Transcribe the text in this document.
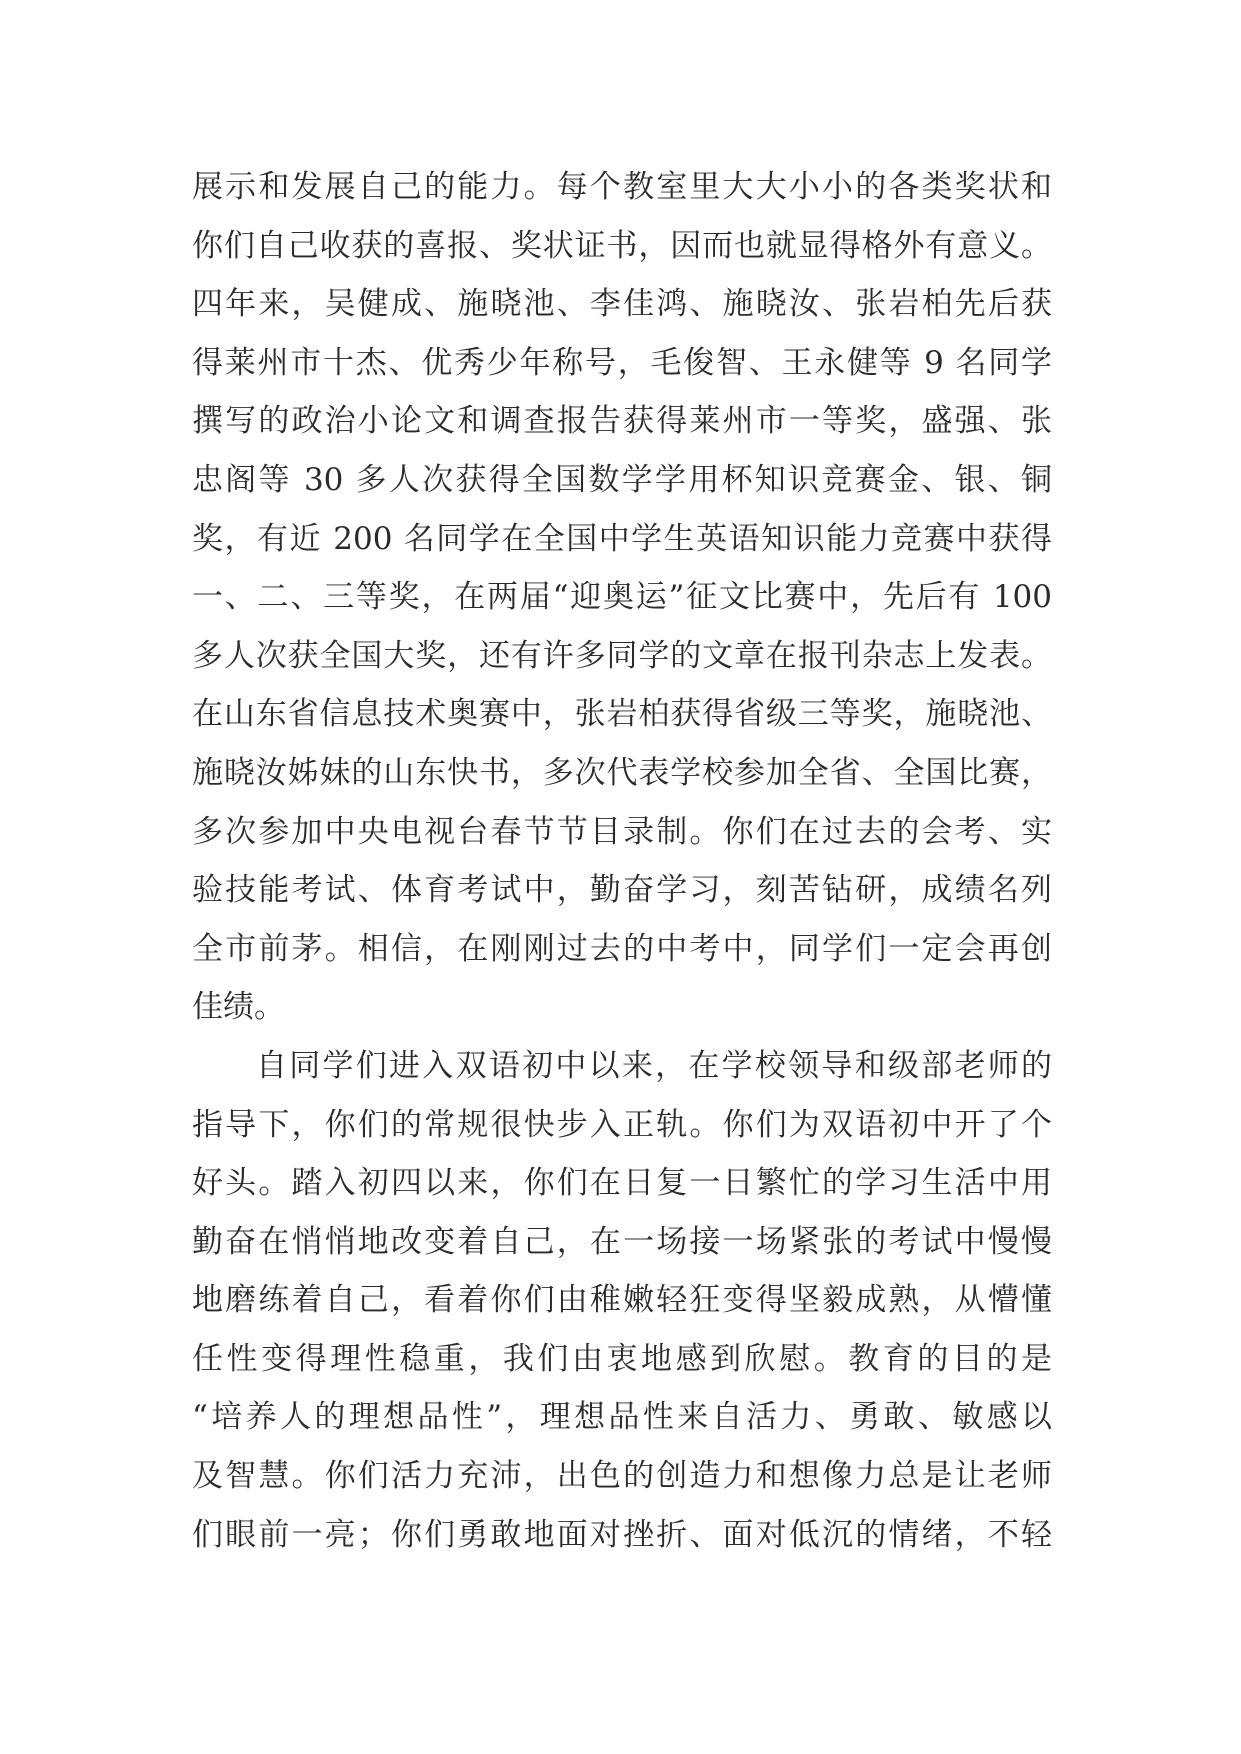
展示和发展自己的能力。每个教室里大大小小的各类奖状和
你们自己收获的喜报、奖状证书，因而也就显得格外有意义。
四年来，吴健成、施晓池、李佳鸿、施晓汝、张岩柏先后获
得莱州市十杰、优秀少年称号，毛俊智、王永健等 9 名同学
撰写的政治小论文和调查报告获得莱州市一等奖，盛强、张
忠阁等 30 多人次获得全国数学学用杯知识竞赛金、银、铜
奖，有近 200 名同学在全国中学生英语知识能力竞赛中获得
一、二、三等奖，在两届“迎奥运”征文比赛中，先后有 100
多人次获全国大奖，还有许多同学的文章在报刊杂志上发表。
在山东省信息技术奥赛中，张岩柏获得省级三等奖，施晓池、
施晓汝姊妹的山东快书，多次代表学校参加全省、全国比赛，
多次参加中央电视台春节节目录制。你们在过去的会考、实
验技能考试、体育考试中，勤奋学习，刻苦钻研，成绩名列
全市前茅。相信，在刚刚过去的中考中，同学们一定会再创
佳绩。
自同学们进入双语初中以来，在学校领导和级部老师的
指导下，你们的常规很快步入正轨。你们为双语初中开了个
好头。踏入初四以来，你们在日复一日繁忙的学习生活中用
勤奋在悄悄地改变着自己，在一场接一场紧张的考试中慢慢
地磨练着自己，看着你们由稚嫩轻狂变得坚毅成熟，从懵懂
任性变得理性稳重，我们由衷地感到欣慰。教育的目的是
“培养人的理想品性”，理想品性来自活力、勇敢、敏感以
及智慧。你们活力充沛，出色的创造力和想像力总是让老师
们眼前一亮；你们勇敢地面对挫折、面对低沉的情绪，不轻
